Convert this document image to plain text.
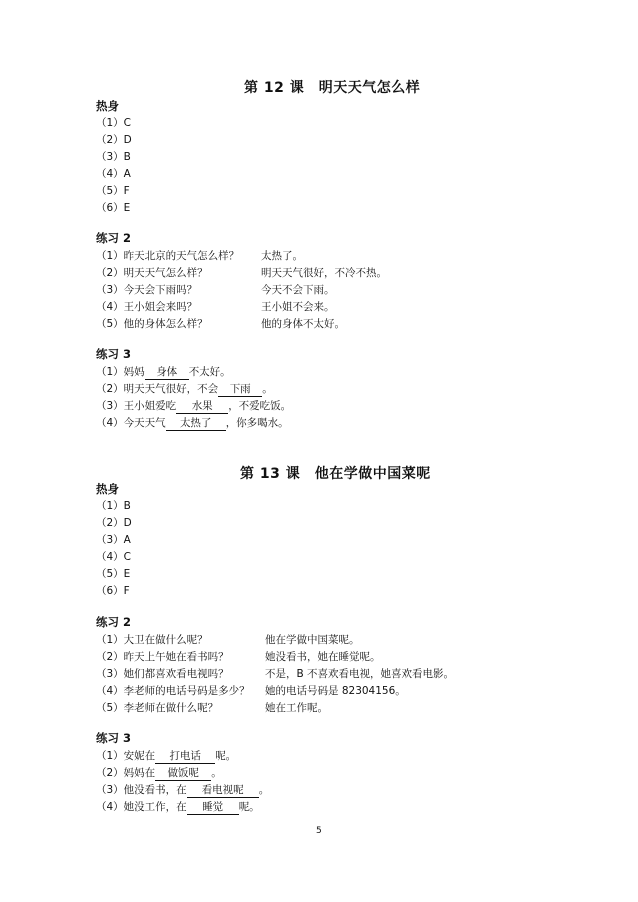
第 12 课　明天天气怎么样
热身
（1）C
（2）D
（3）B
（4）A
（5）F
（6）E
练习 2
（1）昨天北京的天气怎么样？ 太热了。
（2）明天天气怎么样？	明天天气很好，不冷不热。
（3）今天会下雨吗？	今天不会下雨。
（4）王小姐会来吗？	王小姐不会来。
（5）他的身体怎么样？	他的身体不太好。
练习 3
（1）妈妈 身体 不太好。
（2）明天天气很好，不会 下雨 。
（3）王小姐爱吃 水果 ，不爱吃饭。
（4）今天天气 太热了 ，你多喝水。
第 13 课　他在学做中国菜呢
热身
（1）B
（2）D
（3）A
（4）C
（5）E
（6）F
练习 2
（1）大卫在做什么呢？	他在学做中国菜呢。
（2）昨天上午她在看书吗？	她没看书，她在睡觉呢。
（3）她们都喜欢看电视吗？	不是，B 不喜欢看电视，她喜欢看电影。
（4）李老师的电话号码是多少？ 她的电话号码是 82304156。
（5）李老师在做什么呢？	她在工作呢。
练习 3
（1）安妮在 打电话 呢。
（2）妈妈在 做饭呢 。
（3）他没看书，在 看电视呢 。
（4）她没工作，在 睡觉 呢。
5
